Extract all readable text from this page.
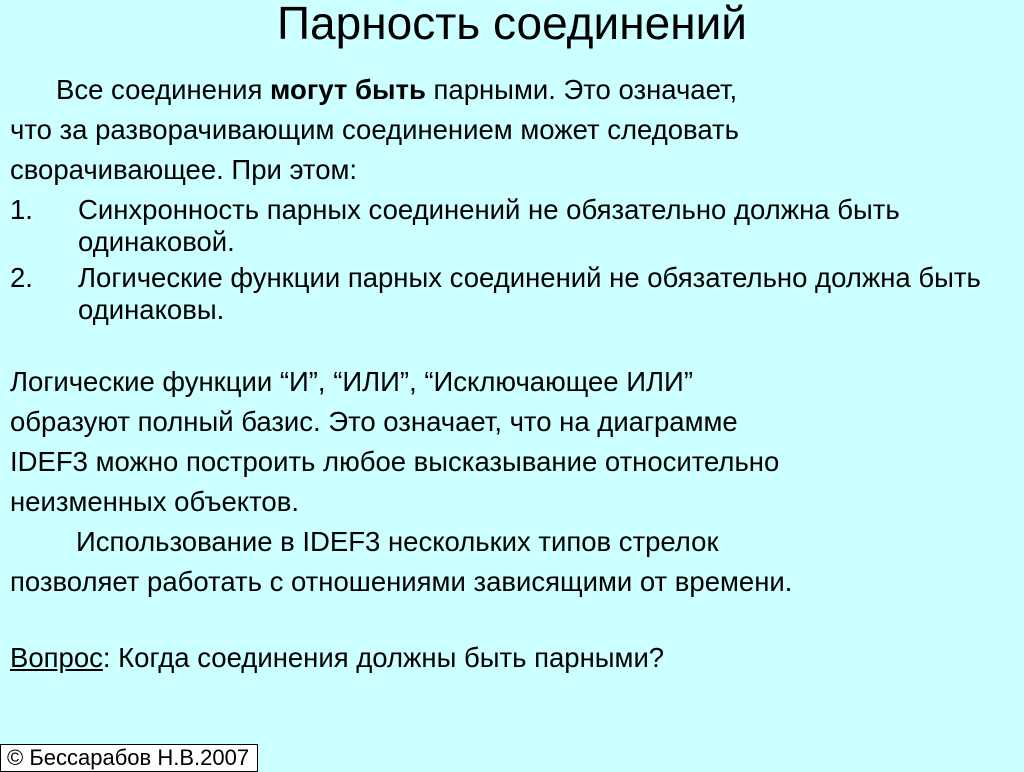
Парность соединений
Все соединения могут быть парными. Это означает,
что за разворачивающим соединением может следовать
сворачивающее. При этом:
1. Синхронность парных соединений не обязательно должна быть одинаковой.
2. Логические функции парных соединений не обязательно должна быть одинаковы.
Логические функции “И”, “ИЛИ”, “Исключающее ИЛИ”
образуют полный базис. Это означает, что на диаграмме
IDEF3 можно построить любое высказывание относительно
неизменных объектов.
Использование в IDEF3 нескольких типов стрелок
позволяет работать с отношениями зависящими от времени.
Вопрос: Когда соединения должны быть парными?
© Бессарабов Н.В.2007
